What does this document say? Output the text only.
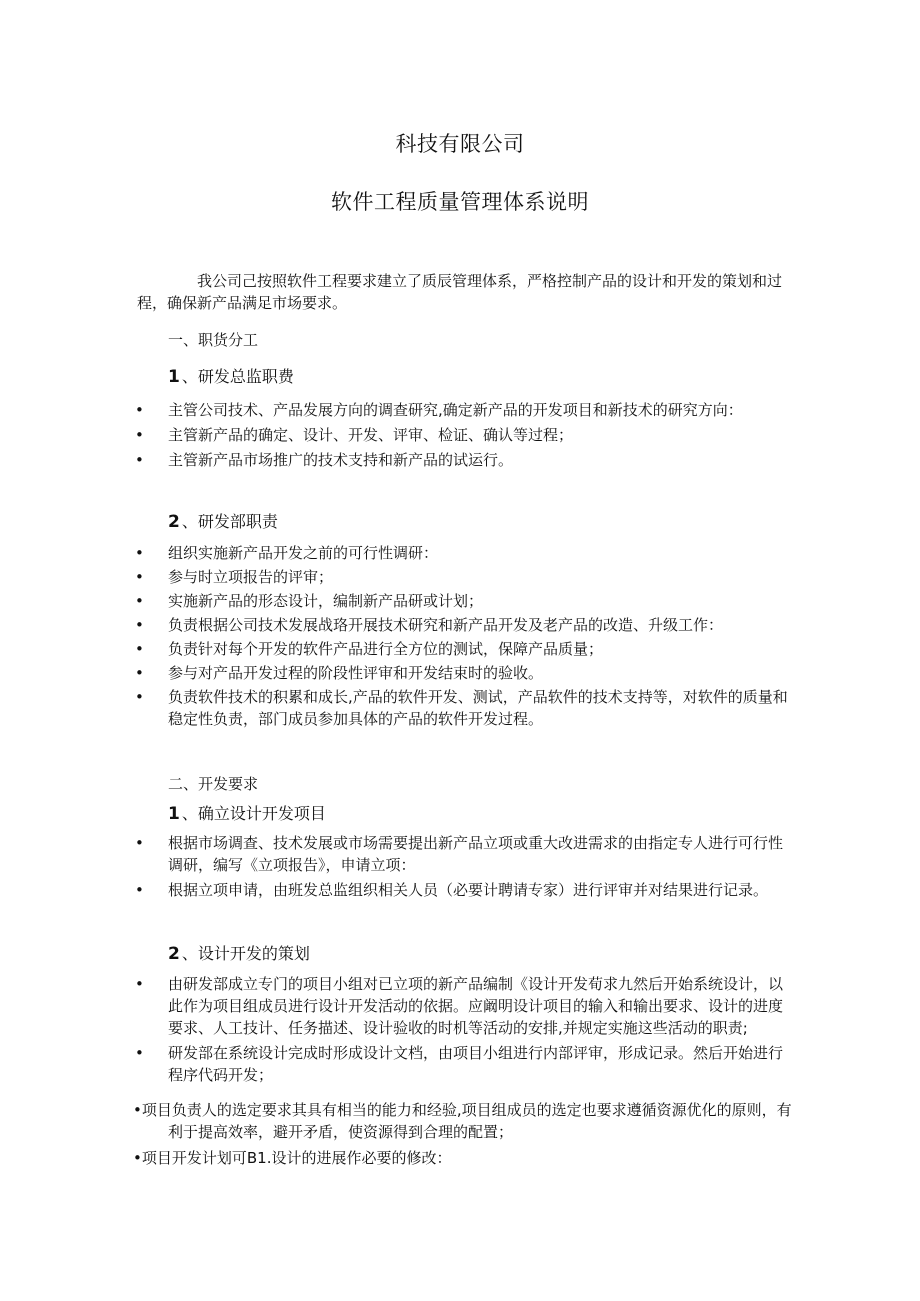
科技有限公司
软件工程质量管理体系说明
我公司己按照软件工程要求建立了质辰管理体系，严格控制产品的设计和开发的策划和过程，确保新产品满足市场要求。
一、职货分工
1 、研发总监职费
• 主管公司技术、产品发展方向的调查研究,确定新产品的开发项目和新技术的研究方向：
• 主管新产品的确定、设计、开发、评审、检证、确认等过程；
• 主管新产品市场推广的技术支持和新产品的试运行。
2 、研发部职责
• 组织实施新产品开发之前的可行性调研：
• 参与时立项报告的评审；
• 实施新产品的形态设计，编制新产品研或计划；
• 负责根据公司技术发展战珞开展技术研究和新产品开发及老产品的改造、升级工作：
• 负责针对每个开发的软件产品进行全方位的测试，保障产品质量；
• 参与对产品开发过程的阶段性评审和开发结束时的验收。
• 负责软件技术的积累和成长,产品的软件开发、测试，产品软件的技术支持等，对软件的质量和稳定性负责，部门成员参加具体的产品的软件开发过程。
二、开发要求
1 、确立设计开发项目
• 根据市场调查、技术发展或市场需要提出新产品立项或重大改进需求的由指定专人进行可行性调研，编写《立项报告》，申请立项：
• 根据立项申请，由班发总监组织相关人员（必要计聘请专家）进行评审并对结果进行记录。
2 、设计开发的策划
• 由研发部成立专门的项目小组对已立项的新产品编制《设计开发荀求九然后开始系统设计，以此作为项目组成员进行设计开发活动的依据。应阚明设计项目的输入和输出要求、设计的进度要求、人工技计、任务描述、设计验收的时机等活动的安排,并规定实施这些活动的职责;
• 研发部在系统设计完成时形成设计文档，由项目小组进行内部评审，形成记录。然后开始进行程序代码开发；
•项目负责人的选定要求其具有相当的能力和经验,项目组成员的选定也要求遵循资源优化的原则，有利于提高效率，避开矛盾，使资源得到合理的配置；
•项目开发计划可B1.设计的进展作必要的修改：
